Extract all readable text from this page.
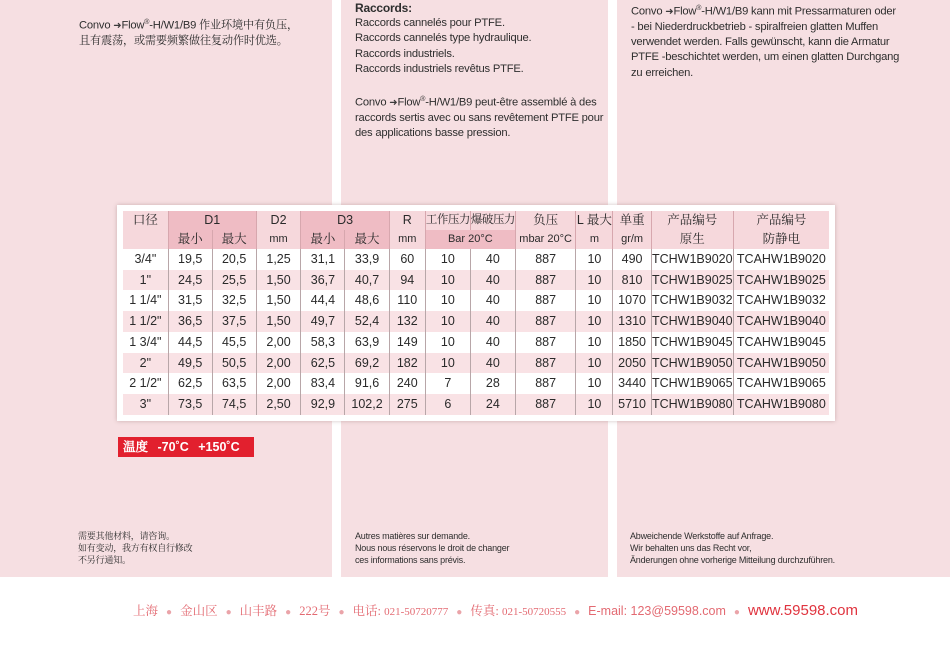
Convo ➜Flow®-H/W1/B9 作业环境中有负压，
且有震荡，或需要频繁做往复动作时优选。
Raccords:
Raccords cannelés pour PTFE.
Raccords cannelés type hydraulique.
Raccords industriels.
Raccords industriels revêtus PTFE.
Convo ➜Flow®-H/W1/B9 peut-être assemblé à des
raccords sertis avec ou sans revêtement PTFE pour
des applications basse pression.
Convo ➜Flow®-H/W1/B9 kann mit Pressarmaturen oder
- bei Niederdruckbetrieb - spiralfreien glatten Muffen
verwendet werden. Falls gewünscht, kann die Armatur
PTFE -beschichtet werden, um einen glatten Durchgang
zu erreichen.
口径	D1		D2	D3		R	工作压力	爆破压力	负压	L 最大	单重	产品编号	产品编号
	最小	最大	mm	最小	最大	mm	Bar 20°C		mbar 20°C	m	gr/m	原生	防静电
3/4"	19,5	20,5	1,25	31,1	33,9	60	10	40	887	10	490	TCHW1B9020	TCAHW1B9020
1"	24,5	25,5	1,50	36,7	40,7	94	10	40	887	10	810	TCHW1B9025	TCAHW1B9025
1 1/4"	31,5	32,5	1,50	44,4	48,6	110	10	40	887	10	1070	TCHW1B9032	TCAHW1B9032
1 1/2"	36,5	37,5	1,50	49,7	52,4	132	10	40	887	10	1310	TCHW1B9040	TCAHW1B9040
1 3/4"	44,5	45,5	2,00	58,3	63,9	149	10	40	887	10	1850	TCHW1B9045	TCAHW1B9045
2"	49,5	50,5	2,00	62,5	69,2	182	10	40	887	10	2050	TCHW1B9050	TCAHW1B9050
2 1/2"	62,5	63,5	2,00	83,4	91,6	240	7	28	887	10	3440	TCHW1B9065	TCAHW1B9065
3"	73,5	74,5	2,50	92,9	102,2	275	6	24	887	10	5710	TCHW1B9080	TCAHW1B9080
温度 -70˚C +150˚C
需要其他材料，请咨询。
如有变动，我方有权自行修改
不另行通知。
Autres matières sur demande.
Nous nous réservons le droit de changer
ces informations sans prévis.
Abweichende Werkstoffe auf Anfrage.
Wir behalten uns das Recht vor,
Änderungen ohne vorherige Mitteilung durchzuführen.
上海 ● 金山区 ● 山丰路 ● 222号 ● 电话: 021-50720777 ● 传真: 021-50720555 ● E-mail: 123@59598.com ● www.59598.com
